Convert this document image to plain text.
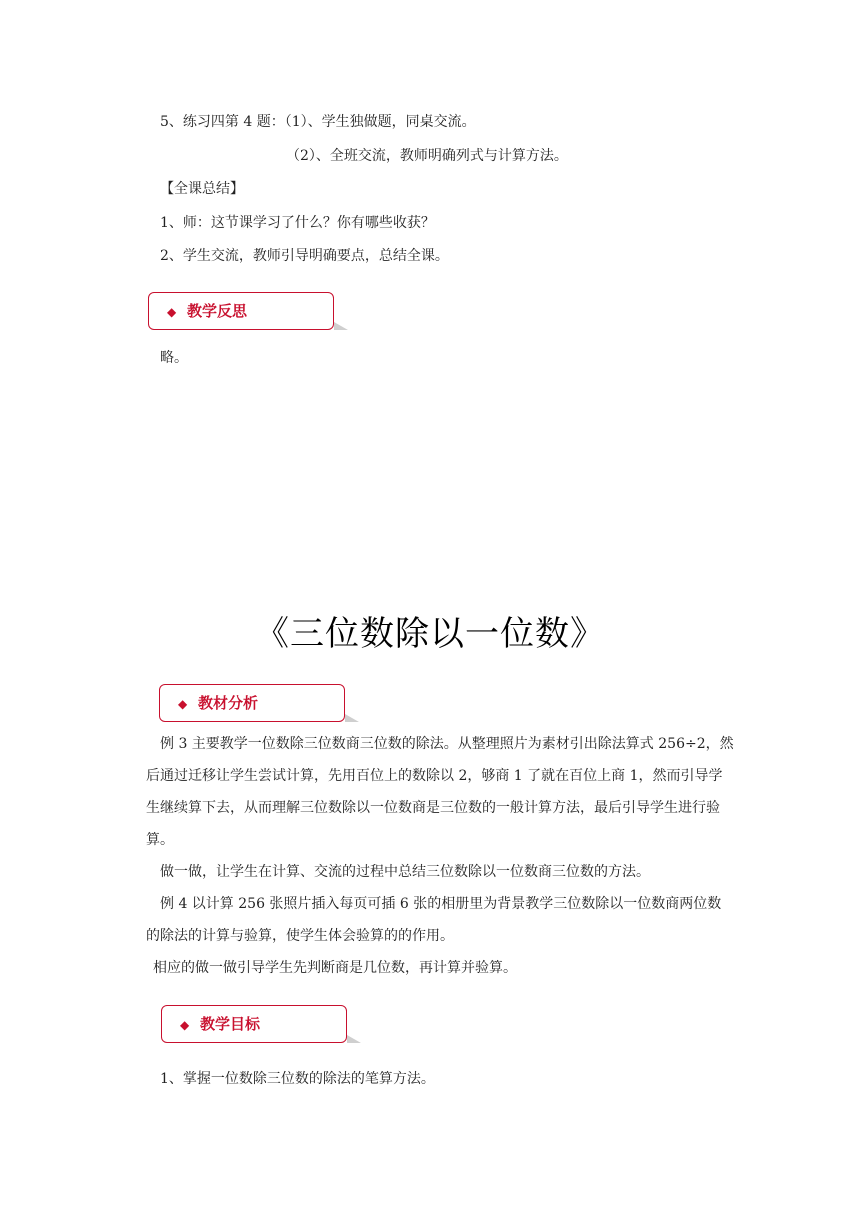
5、练习四第 4 题：（1）、学生独做题，同桌交流。
（2）、全班交流，教师明确列式与计算方法。
【全课总结】
1、师：这节课学习了什么？你有哪些收获？
2、学生交流，教师引导明确要点，总结全课。
◆ 教学反思
略。
《三位数除以一位数》
◆ 教材分析

例 3 主要教学一位数除三位数商三位数的除法。从整理照片为素材引出除法算式 256÷2，然后通过迁移让学生尝试计算，先用百位上的数除以 2，够商 1 了就在百位上商 1，然而引导学生继续算下去，从而理解三位数除以一位数商是三位数的一般计算方法，最后引导学生进行验算。

做一做，让学生在计算、交流的过程中总结三位数除以一位数商三位数的方法。

例 4 以计算 256 张照片插入每页可插 6 张的相册里为背景教学三位数除以一位数商两位数的除法的计算与验算，使学生体会验算的的作用。

相应的做一做引导学生先判断商是几位数，再计算并验算。

◆ 教学目标
1、掌握一位数除三位数的除法的笔算方法。
